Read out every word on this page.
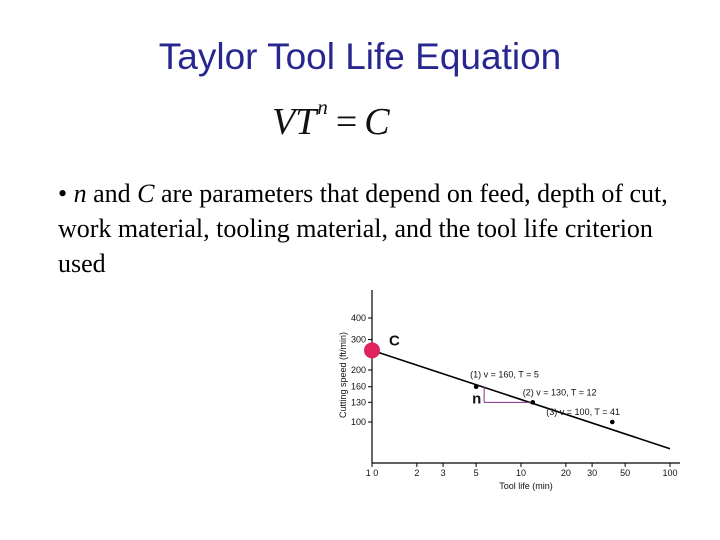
Taylor Tool Life Equation
$VT^n = C$
• n and C are parameters that depend on feed, depth of cut, work material, tooling material, and the tool life criterion used
1 0	2 3	5	10	20 30	50	100
100
130
160
200
300
400
Tool life (min)
Cutting speed (ft/min)	n
(1) v = 160, T = 5
(2) v = 130, T = 12
(3) v = 100, T = 41
C
